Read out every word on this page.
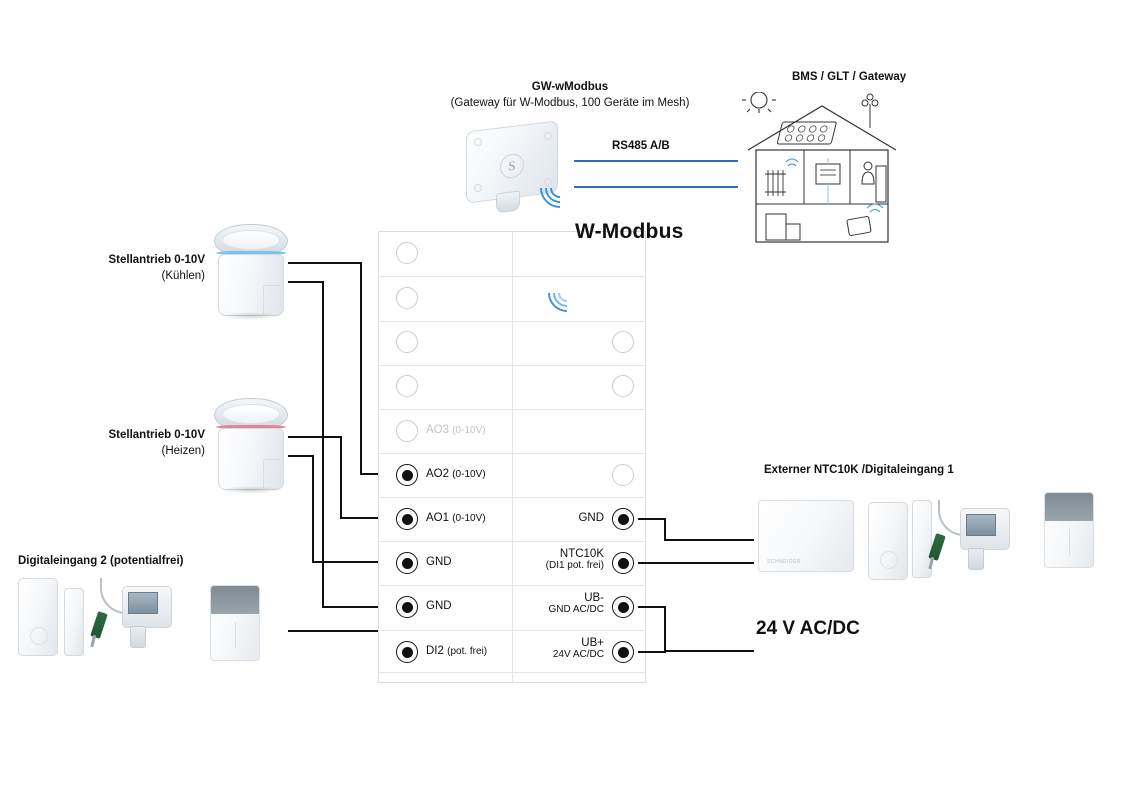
Stellantrieb 0-10V
(Kühlen)
Stellantrieb 0-10V
(Heizen)
Digitaleingang 2 (potentialfrei)
AO3 (0-10V)
AO2 (0-10V)
AO1 (0-10V)
GND
GND
DI2 (pot. frei)
GND
NTC10K
(DI1 pot. frei)
UB-
GND AC/DC
UB+
24V AC/DC
Externer NTC10K /Digitaleingang 1
SCHNEIDER
24 V AC/DC
GW-wModbus
(Gateway für W-Modbus, 100 Geräte im Mesh)
S
W-Modbus
RS485 A/B
BMS / GLT / Gateway
